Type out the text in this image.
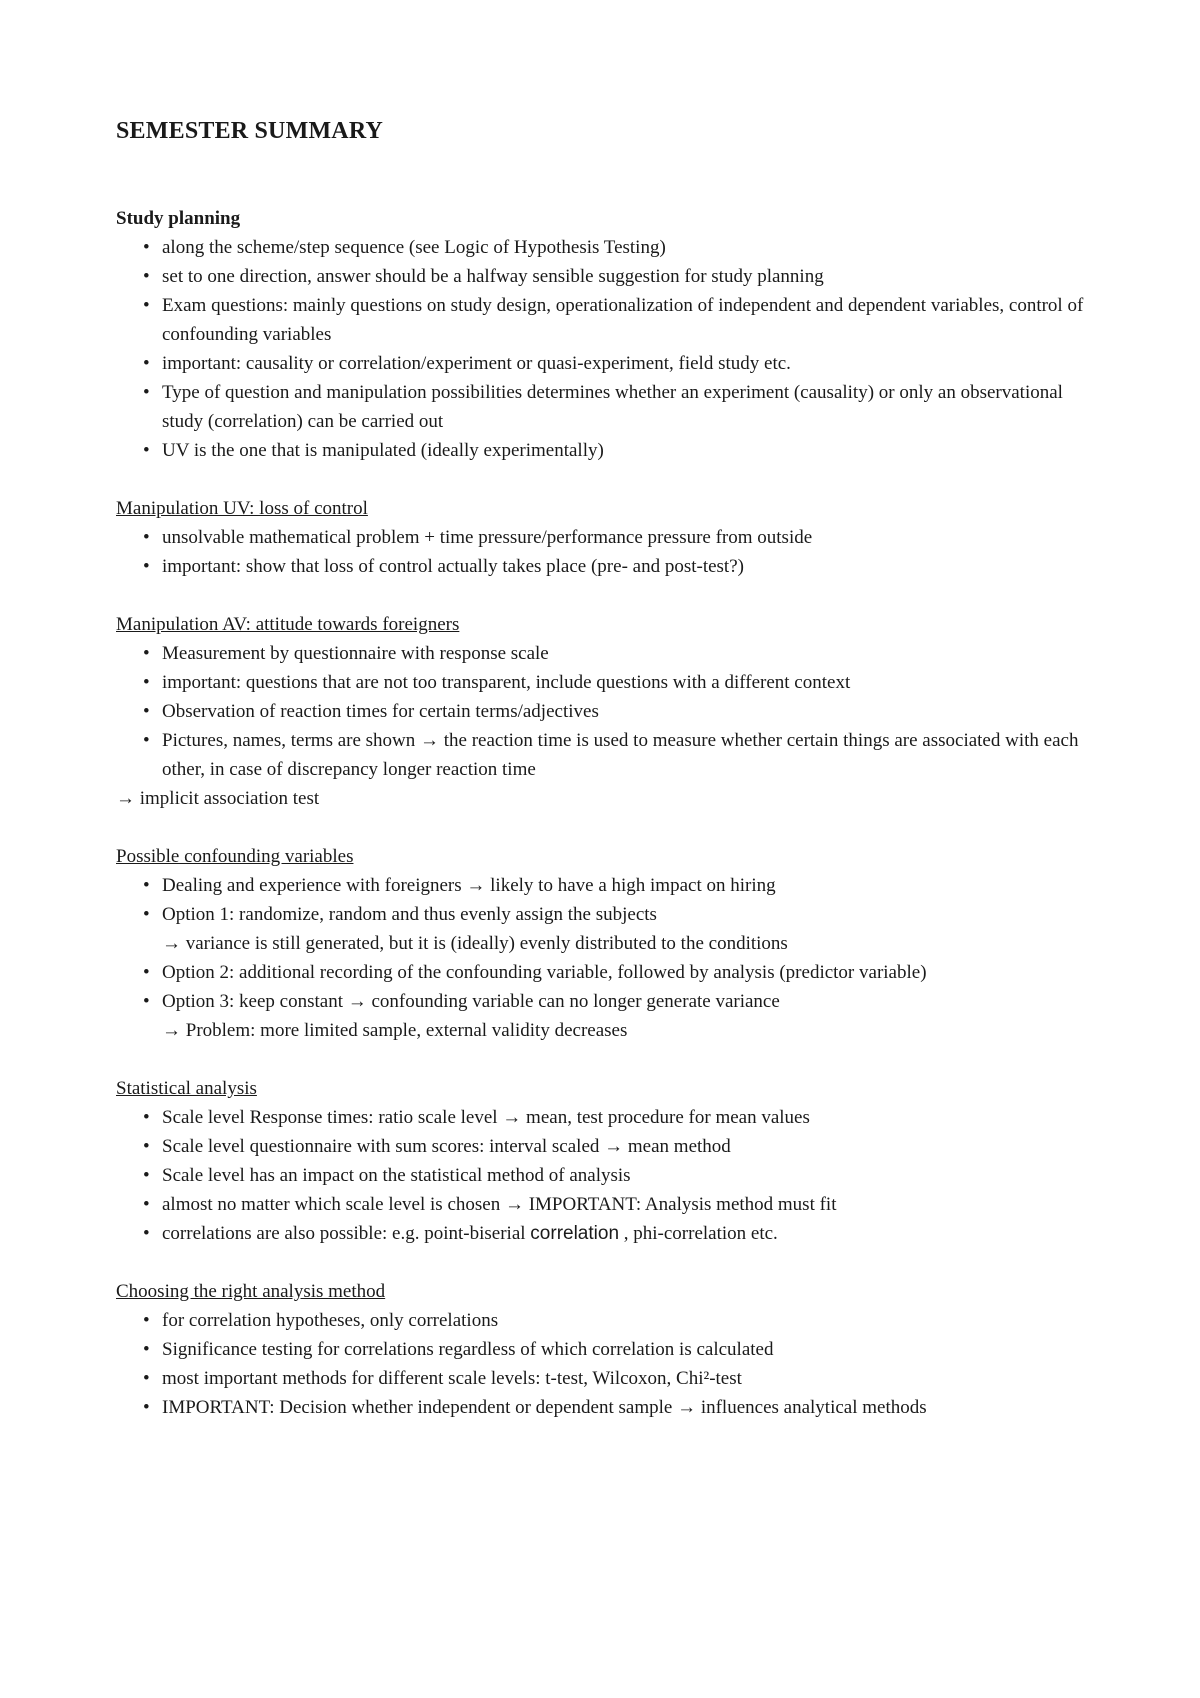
SEMESTER SUMMARY
Study planning
• along the scheme/step sequence (see Logic of Hypothesis Testing)
• set to one direction, answer should be a halfway sensible suggestion for study planning
• Exam questions: mainly questions on study design, operationalization of independent and dependent variables, control of confounding variables
• important: causality or correlation/experiment or quasi-experiment, field study etc.
• Type of question and manipulation possibilities determines whether an experiment (causality) or only an observational study (correlation) can be carried out
• UV is the one that is manipulated (ideally experimentally)
Manipulation UV: loss of control
• unsolvable mathematical problem + time pressure/performance pressure from outside
• important: show that loss of control actually takes place (pre- and post-test?)
Manipulation AV: attitude towards foreigners
• Measurement by questionnaire with response scale
• important: questions that are not too transparent, include questions with a different context
• Observation of reaction times for certain terms/adjectives
• Pictures, names, terms are shown → the reaction time is used to measure whether certain things are associated with each other, in case of discrepancy longer reaction time
→ implicit association test
Possible confounding variables
• Dealing and experience with foreigners → likely to have a high impact on hiring
• Option 1: randomize, random and thus evenly assign the subjects
→ variance is still generated, but it is (ideally) evenly distributed to the conditions
• Option 2: additional recording of the confounding variable, followed by analysis (predictor variable)
• Option 3: keep constant → confounding variable can no longer generate variance
→ Problem: more limited sample, external validity decreases
Statistical analysis
• Scale level Response times: ratio scale level → mean, test procedure for mean values
• Scale level questionnaire with sum scores: interval scaled → mean method
• Scale level has an impact on the statistical method of analysis
• almost no matter which scale level is chosen → IMPORTANT: Analysis method must fit
• correlations are also possible: e.g. point-biserial correlation , phi-correlation etc.
Choosing the right analysis method
• for correlation hypotheses, only correlations
• Significance testing for correlations regardless of which correlation is calculated
• most important methods for different scale levels: t-test, Wilcoxon, Chi²-test
• IMPORTANT: Decision whether independent or dependent sample → influences analytical methods
